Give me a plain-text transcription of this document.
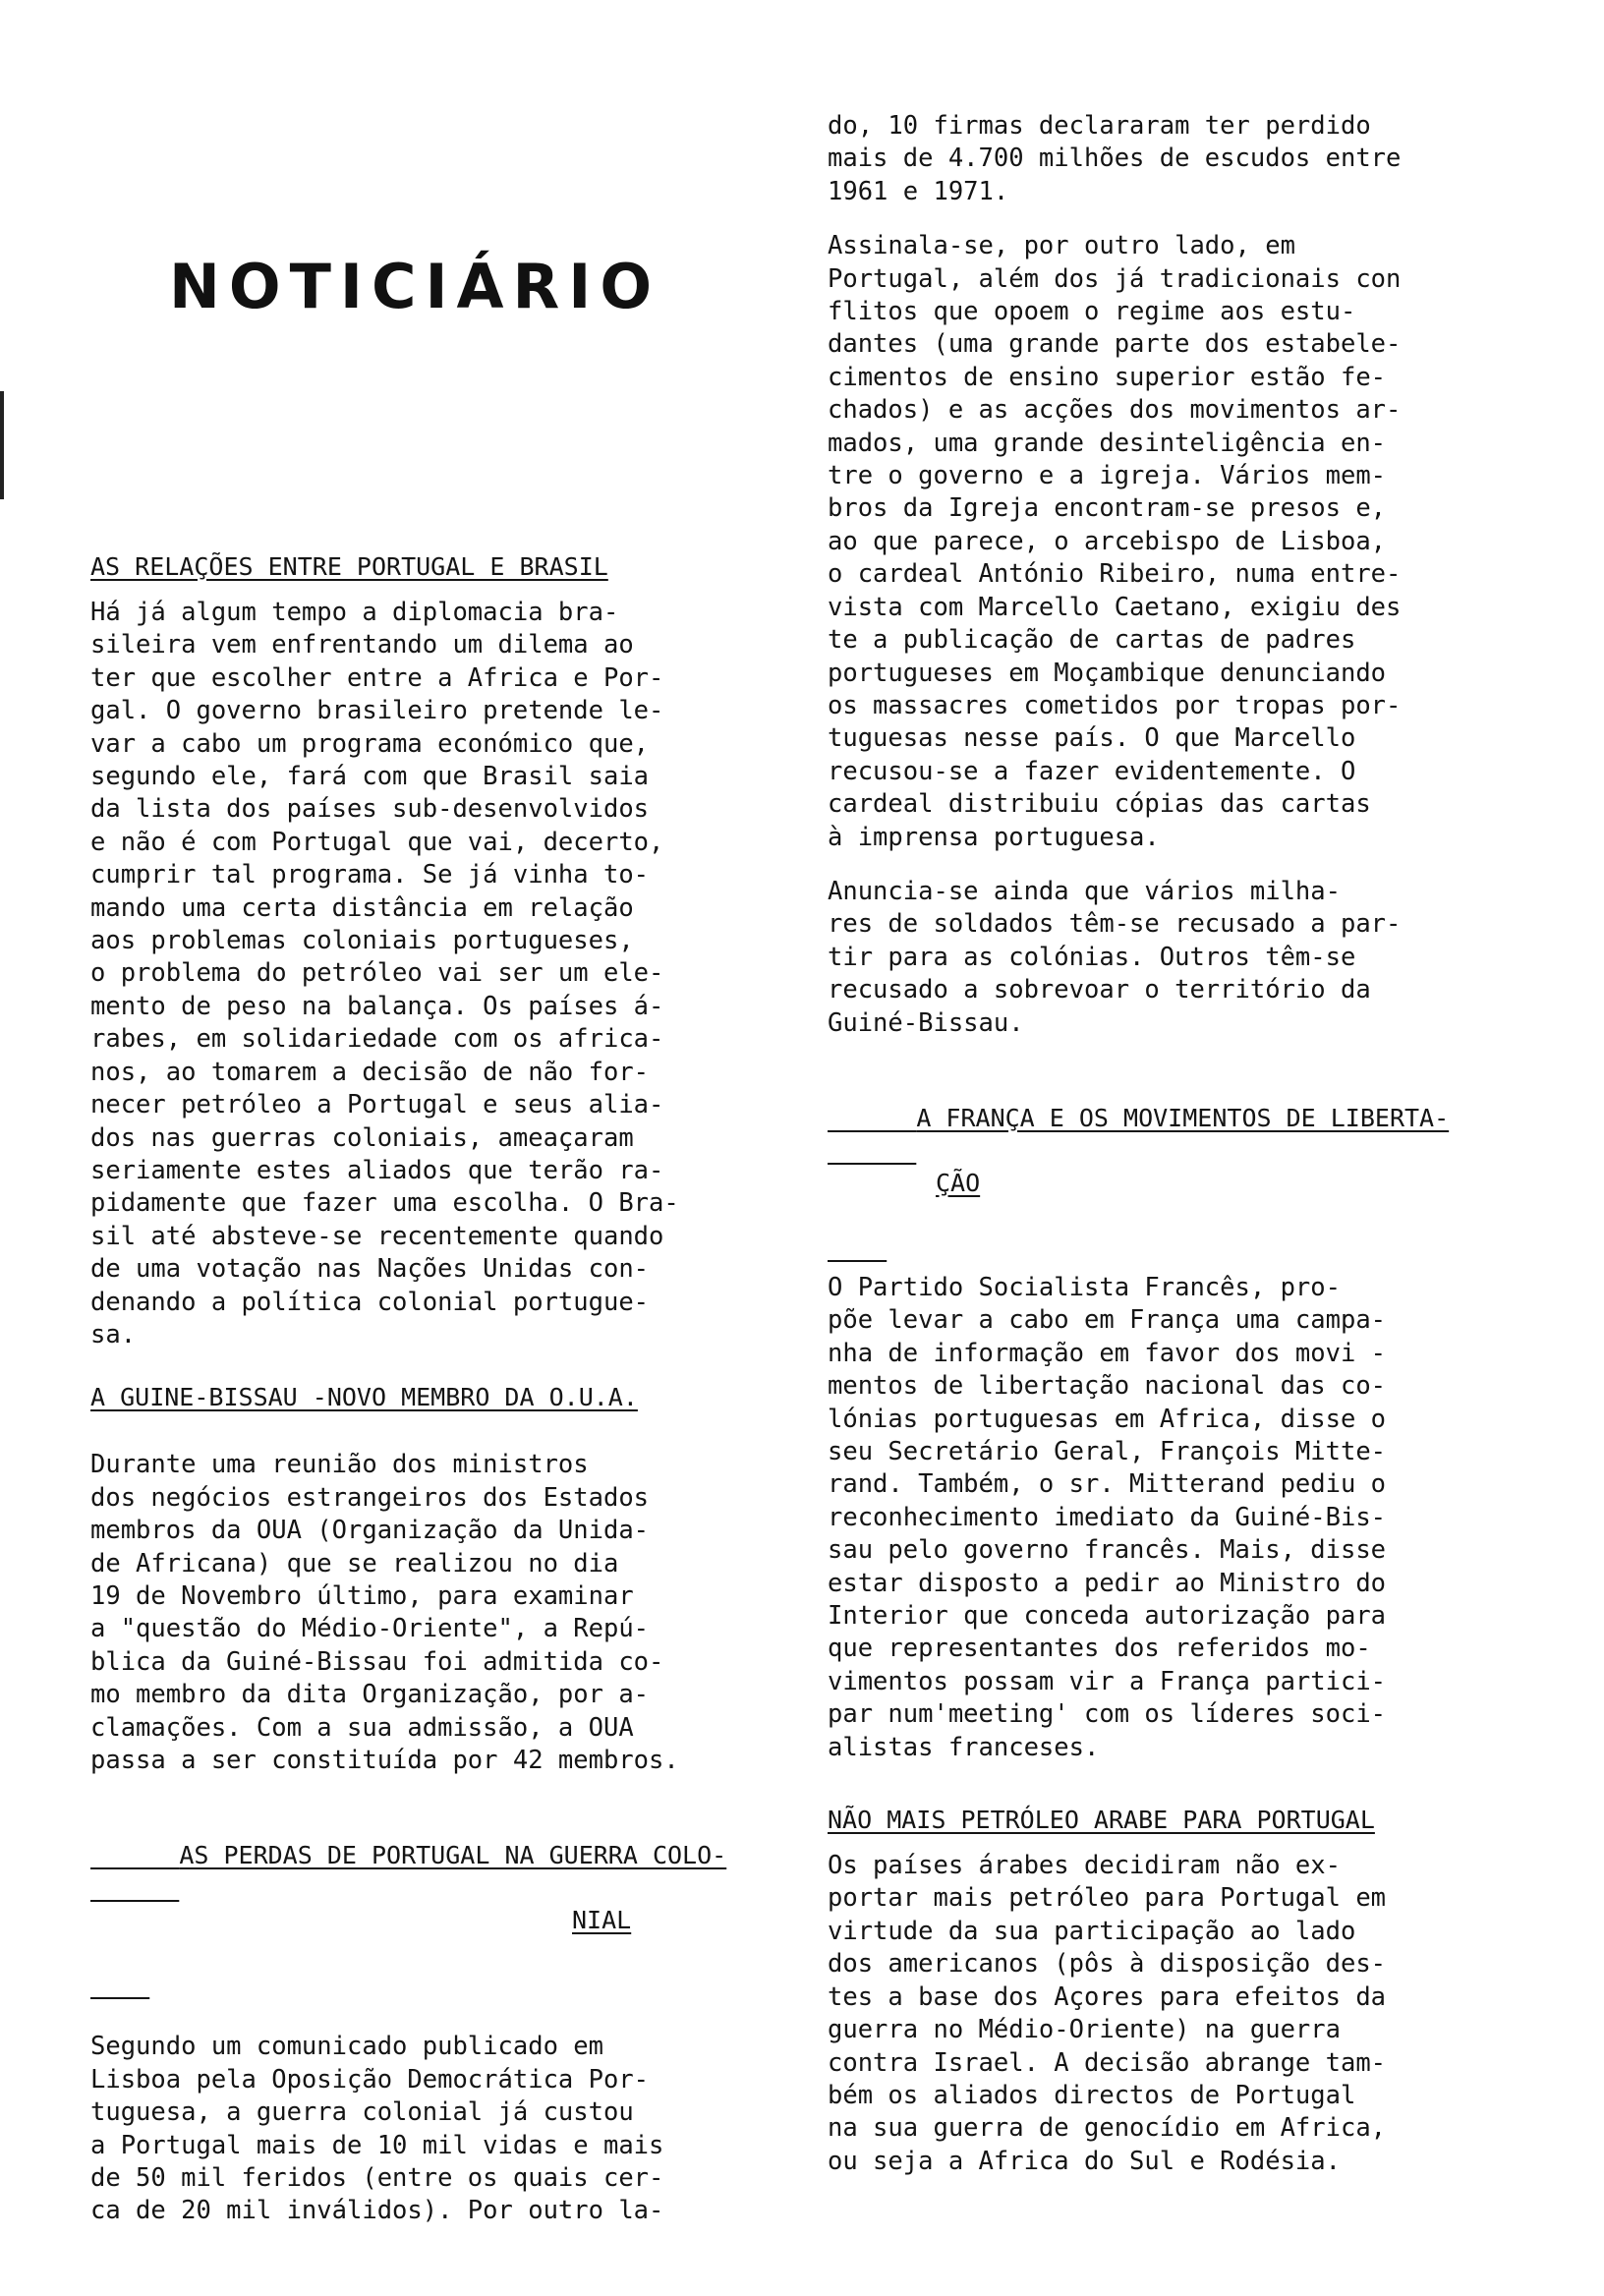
NOTICIÁRIO
AS RELAÇÕES ENTRE PORTUGAL E BRASIL

Há já algum tempo a diplomacia bra-
sileira vem enfrentando um dilema ao
ter que escolher entre a Africa e Por-
gal. O governo brasileiro pretende le-
var a cabo um programa económico que,
segundo ele, fará com que Brasil saia
da lista dos países sub-desenvolvidos
e não é com Portugal que vai, decerto,
cumprir tal programa. Se já vinha to-
mando uma certa distância em relação
aos problemas coloniais portugueses,
o problema do petróleo vai ser um ele-
mento de peso na balança. Os países á-
rabes, em solidariedade com os africa-
nos, ao tomarem a decisão de não for-
necer petróleo a Portugal e seus alia-
dos nas guerras coloniais, ameaçaram
seriamente estes aliados que terão ra-
pidamente que fazer uma escolha. O Bra-
sil até absteve-se recentemente quando
de uma votação nas Nações Unidas con-
denando a política colonial portugue-
sa.

A GUINE-BISSAU -NOVO MEMBRO DA O.U.A.

Durante uma reunião dos ministros
dos negócios estrangeiros dos Estados
membros da OUA (Organização da Unida-
de Africana) que se realizou no dia
19 de Novembro último, para examinar
a "questão do Médio-Oriente", a Repú-
blica da Guiné-Bissau foi admitida co-
mo membro da dita Organização, por a-
clamações. Com a sua admissão, a OUA
passa a ser constituída por 42 membros.

AS PERDAS DE PORTUGAL NA GUERRA COLO-

NIAL

Segundo um comunicado publicado em
Lisboa pela Oposição Democrática Por-
tuguesa, a guerra colonial já custou
a Portugal mais de 10 mil vidas e mais
de 50 mil feridos (entre os quais cer-
ca de 20 mil inválidos). Por outro la-

do, 10 firmas declararam ter perdido
mais de 4.700 milhões de escudos entre
1961 e 1971.

Assinala-se, por outro lado, em
Portugal, além dos já tradicionais con
flitos que opoem o regime aos estu-
dantes (uma grande parte dos estabele-
cimentos de ensino superior estão fe-
chados) e as acções dos movimentos ar-
mados, uma grande desinteligência en-
tre o governo e a igreja. Vários mem-
bros da Igreja encontram-se presos e,
ao que parece, o arcebispo de Lisboa,
o cardeal António Ribeiro, numa entre-
vista com Marcello Caetano, exigiu des
te a publicação de cartas de padres
portugueses em Moçambique denunciando
os massacres cometidos por tropas por-
tuguesas nesse país. O que Marcello
recusou-se a fazer evidentemente. O
cardeal distribuiu cópias das cartas
à imprensa portuguesa.

Anuncia-se ainda que vários milha-
res de soldados têm-se recusado a par-
tir para as colónias. Outros têm-se
recusado a sobrevoar o território da
Guiné-Bissau.

A FRANÇA E OS MOVIMENTOS DE LIBERTA-

ÇÃO

O Partido Socialista Francês, pro-
põe levar a cabo em França uma campa-
nha de informação em favor dos movi -
mentos de libertação nacional das co-
lónias portuguesas em Africa, disse o
seu Secretário Geral, François Mitte-
rand. Também, o sr. Mitterand pediu o
reconhecimento imediato da Guiné-Bis-
sau pelo governo francês. Mais, disse
estar disposto a pedir ao Ministro do
Interior que conceda autorização para
que representantes dos referidos mo-
vimentos possam vir a França partici-
par num'meeting' com os líderes soci-
alistas franceses.

NÃO MAIS PETRÓLEO ARABE PARA PORTUGAL

Os países árabes decidiram não ex-
portar mais petróleo para Portugal em
virtude da sua participação ao lado
dos americanos (pôs à disposição des-
tes a base dos Açores para efeitos da
guerra no Médio-Oriente) na guerra
contra Israel. A decisão abrange tam-
bém os aliados directos de Portugal
na sua guerra de genocídio em Africa,
ou seja a Africa do Sul e Rodésia.
